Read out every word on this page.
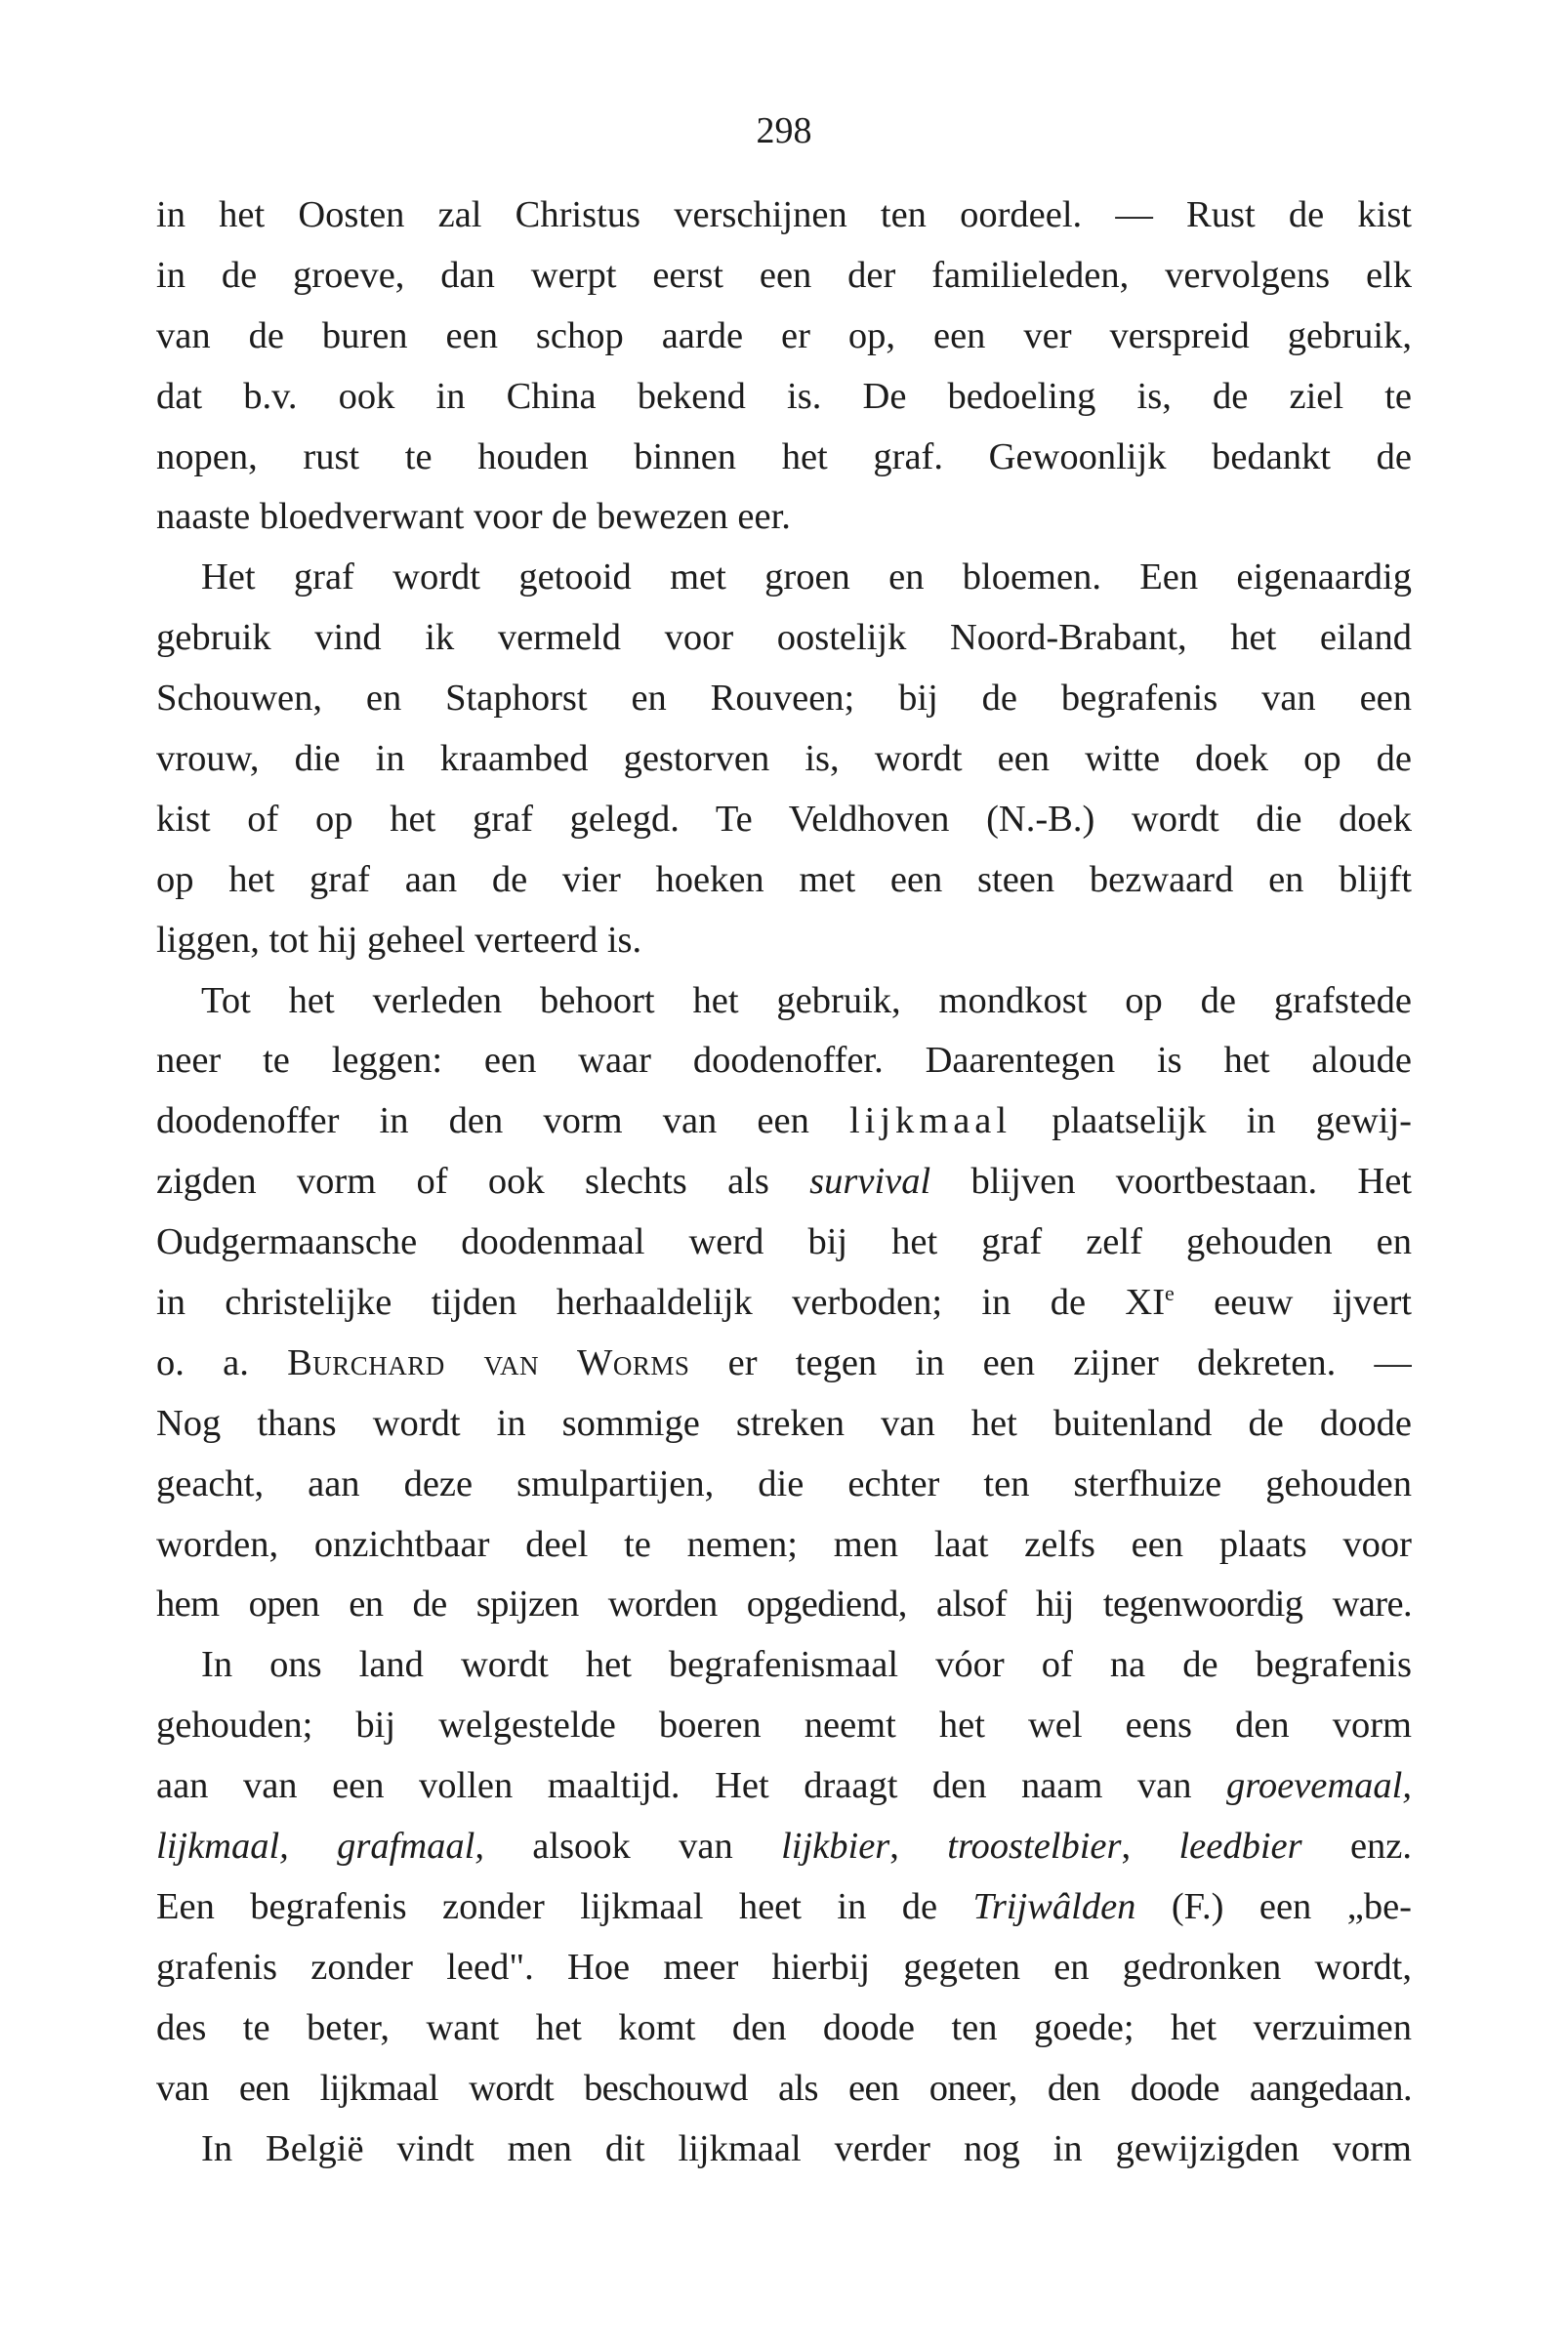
298
in het Oosten zal Christus verschijnen ten oordeel. — Rust de kist
in de groeve, dan werpt eerst een der familieleden, vervolgens elk
van de buren een schop aarde er op, een ver verspreid gebruik,
dat b.v. ook in China bekend is. De bedoeling is, de ziel te
nopen, rust te houden binnen het graf. Gewoonlijk bedankt de
naaste bloedverwant voor de bewezen eer.
Het graf wordt getooid met groen en bloemen. Een eigenaardig
gebruik vind ik vermeld voor oostelijk Noord-Brabant, het eiland
Schouwen, en Staphorst en Rouveen; bij de begrafenis van een
vrouw, die in kraambed gestorven is, wordt een witte doek op de
kist of op het graf gelegd. Te Veldhoven (N.-B.) wordt die doek
op het graf aan de vier hoeken met een steen bezwaard en blijft
liggen, tot hij geheel verteerd is.
Tot het verleden behoort het gebruik, mondkost op de grafstede
neer te leggen: een waar doodenoffer. Daarentegen is het aloude
doodenoffer in den vorm van een lijkmaal plaatselijk in gewij-
zigden vorm of ook slechts als survival blijven voortbestaan. Het
Oudgermaansche doodenmaal werd bij het graf zelf gehouden en
in christelijke tijden herhaaldelijk verboden; in de XIe eeuw ijvert
o. a. Burchard van Worms er tegen in een zijner dekreten. —
Nog thans wordt in sommige streken van het buitenland de doode
geacht, aan deze smulpartijen, die echter ten sterfhuize gehouden
worden, onzichtbaar deel te nemen; men laat zelfs een plaats voor
hem open en de spijzen worden opgediend, alsof hij tegenwoordig ware.
In ons land wordt het begrafenismaal vóor of na de begrafenis
gehouden; bij welgestelde boeren neemt het wel eens den vorm
aan van een vollen maaltijd. Het draagt den naam van groevemaal,
lijkmaal, grafmaal, alsook van lijkbier, troostelbier, leedbier enz.
Een begrafenis zonder lijkmaal heet in de Trijwâlden (F.) een „be-
grafenis zonder leed". Hoe meer hierbij gegeten en gedronken wordt,
des te beter, want het komt den doode ten goede; het verzuimen
van een lijkmaal wordt beschouwd als een oneer, den doode aangedaan.
In België vindt men dit lijkmaal verder nog in gewijzigden vorm
